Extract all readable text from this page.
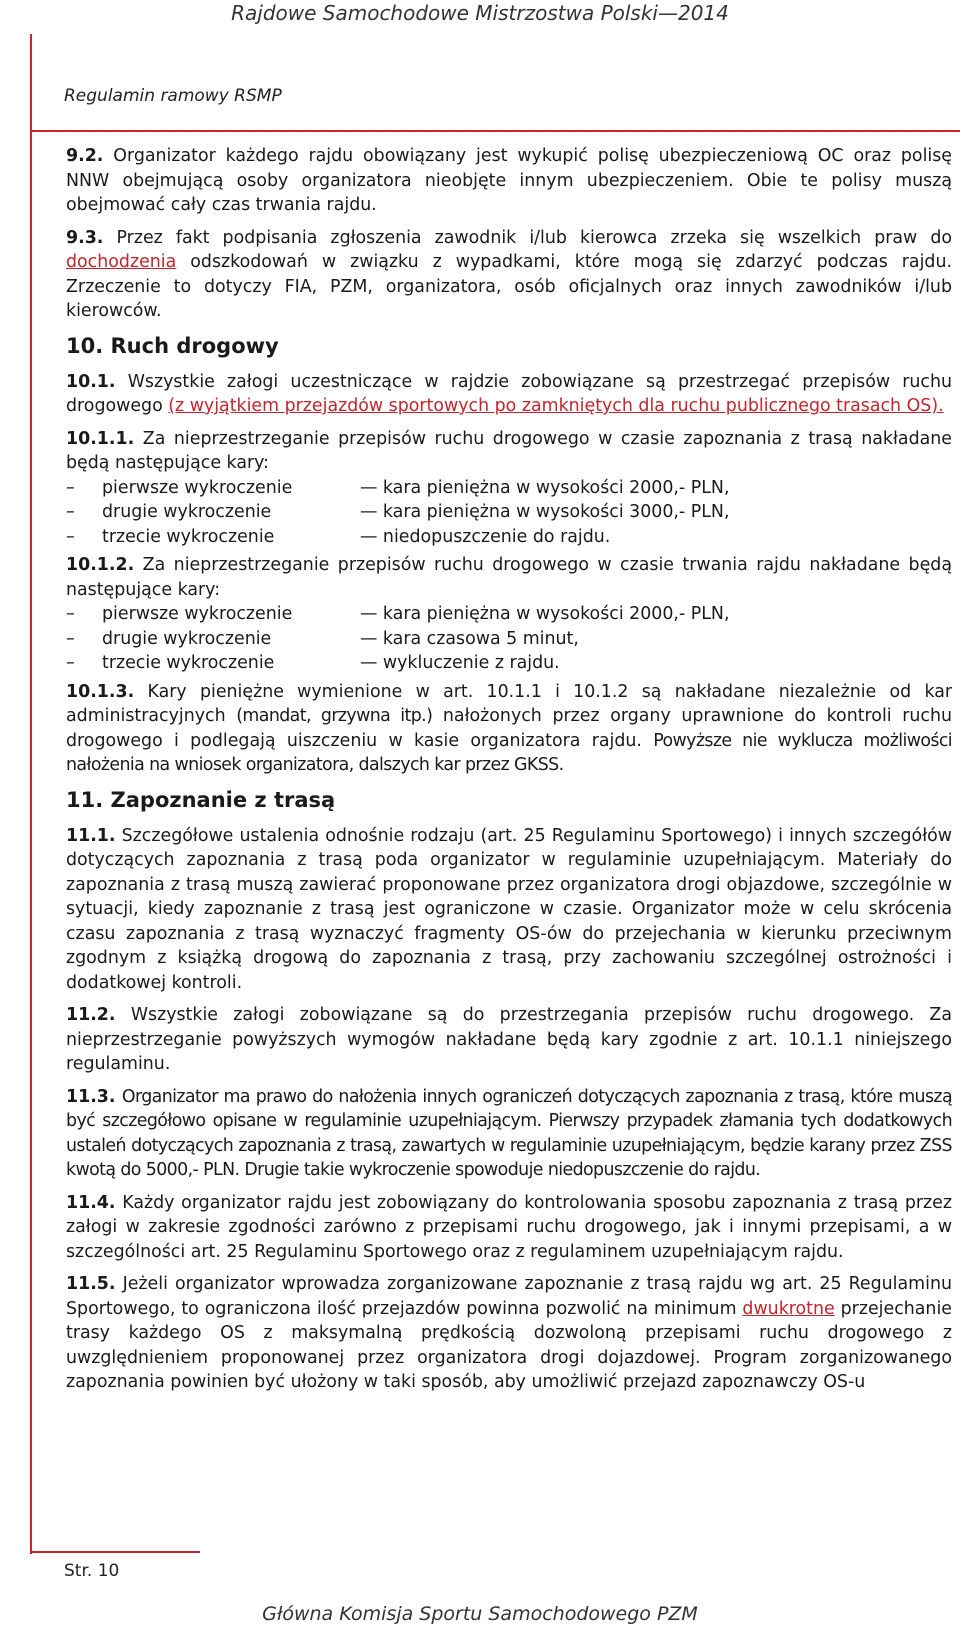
Rajdowe Samochodowe Mistrzostwa Polski—2014
Regulamin ramowy RSMP

9.2. Organizator każdego rajdu obowiązany jest wykupić polisę ubezpieczeniową OC oraz polisę NNW obejmującą osoby organizatora nieobjęte innym ubezpieczeniem. Obie te polisy muszą obejmować cały czas trwania rajdu.

9.3. Przez fakt podpisania zgłoszenia zawodnik i/lub kierowca zrzeka się wszelkich praw do dochodzenia odszkodowań w związku z wypadkami, które mogą się zdarzyć podczas rajdu. Zrzeczenie to dotyczy FIA, PZM, organizatora, osób oficjalnych oraz innych zawodników i/lub kierowców.

10. Ruch drogowy

10.1. Wszystkie załogi uczestniczące w rajdzie zobowiązane są przestrzegać przepisów ruchu drogowego (z wyjątkiem przejazdów sportowych po zamkniętych dla ruchu publicznego trasach OS).

10.1.1. Za nieprzestrzeganie przepisów ruchu drogowego w czasie zapoznania z trasą nakładane będą następujące kary:

–	pierwsze wykroczenie	— kara pieniężna w wysokości 2000,- PLN,
–	drugie wykroczenie	— kara pieniężna w wysokości 3000,- PLN,
–	trzecie wykroczenie	— niedopuszczenie do rajdu.

10.1.2. Za nieprzestrzeganie przepisów ruchu drogowego w czasie trwania rajdu nakładane będą następujące kary:

–	pierwsze wykroczenie	— kara pieniężna w wysokości 2000,- PLN,
–	drugie wykroczenie	— kara czasowa 5 minut,
–	trzecie wykroczenie	— wykluczenie z rajdu.

10.1.3. Kary pieniężne wymienione w art. 10.1.1 i 10.1.2 są nakładane niezależnie od kar administracyjnych (mandat, grzywna itp.) nałożonych przez organy uprawnione do kontroli ruchu drogowego i podlegają uiszczeniu w kasie organizatora rajdu. Powyższe nie wyklucza możliwości nałożenia na wniosek organizatora, dalszych kar przez GKSS.

11. Zapoznanie z trasą

11.1. Szczegółowe ustalenia odnośnie rodzaju (art. 25 Regulaminu Sportowego) i innych szczegółów dotyczących zapoznania z trasą poda organizator w regulaminie uzupełniającym. Materiały do zapoznania z trasą muszą zawierać proponowane przez organizatora drogi objazdowe, szczególnie w sytuacji, kiedy zapoznanie z trasą jest ograniczone w czasie. Organizator może w celu skrócenia czasu zapoznania z trasą wyznaczyć fragmenty OS-ów do przejechania w kierunku przeciwnym zgodnym z książką drogową do zapoznania z trasą, przy zachowaniu szczególnej ostrożności i dodatkowej kontroli.

11.2. Wszystkie załogi zobowiązane są do przestrzegania przepisów ruchu drogowego. Za nieprzestrzeganie powyższych wymogów nakładane będą kary zgodnie z art. 10.1.1 niniejszego regulaminu.

11.3. Organizator ma prawo do nałożenia innych ograniczeń dotyczących zapoznania z trasą, które muszą być szczegółowo opisane w regulaminie uzupełniającym. Pierwszy przypadek złamania tych dodatkowych ustaleń dotyczących zapoznania z trasą, zawartych w regulaminie uzupełniającym, będzie karany przez ZSS kwotą do 5000,- PLN. Drugie takie wykroczenie spowoduje niedopuszczenie do rajdu.

11.4. Każdy organizator rajdu jest zobowiązany do kontrolowania sposobu zapoznania z trasą przez załogi w zakresie zgodności zarówno z przepisami ruchu drogowego, jak i innymi przepisami, a w szczególności art. 25 Regulaminu Sportowego oraz z regulaminem uzupełniającym rajdu.

11.5. Jeżeli organizator wprowadza zorganizowane zapoznanie z trasą rajdu wg art. 25 Regulaminu Sportowego, to ograniczona ilość przejazdów powinna pozwolić na minimum dwukrotne przejechanie trasy każdego OS z maksymalną prędkością dozwoloną przepisami ruchu drogowego z uwzględnieniem proponowanej przez organizatora drogi dojazdowej. Program zorganizowanego zapoznania powinien być ułożony w taki sposób, aby umożliwić przejazd zapoznawczy OS-u

Str. 10
Główna Komisja Sportu Samochodowego PZM
